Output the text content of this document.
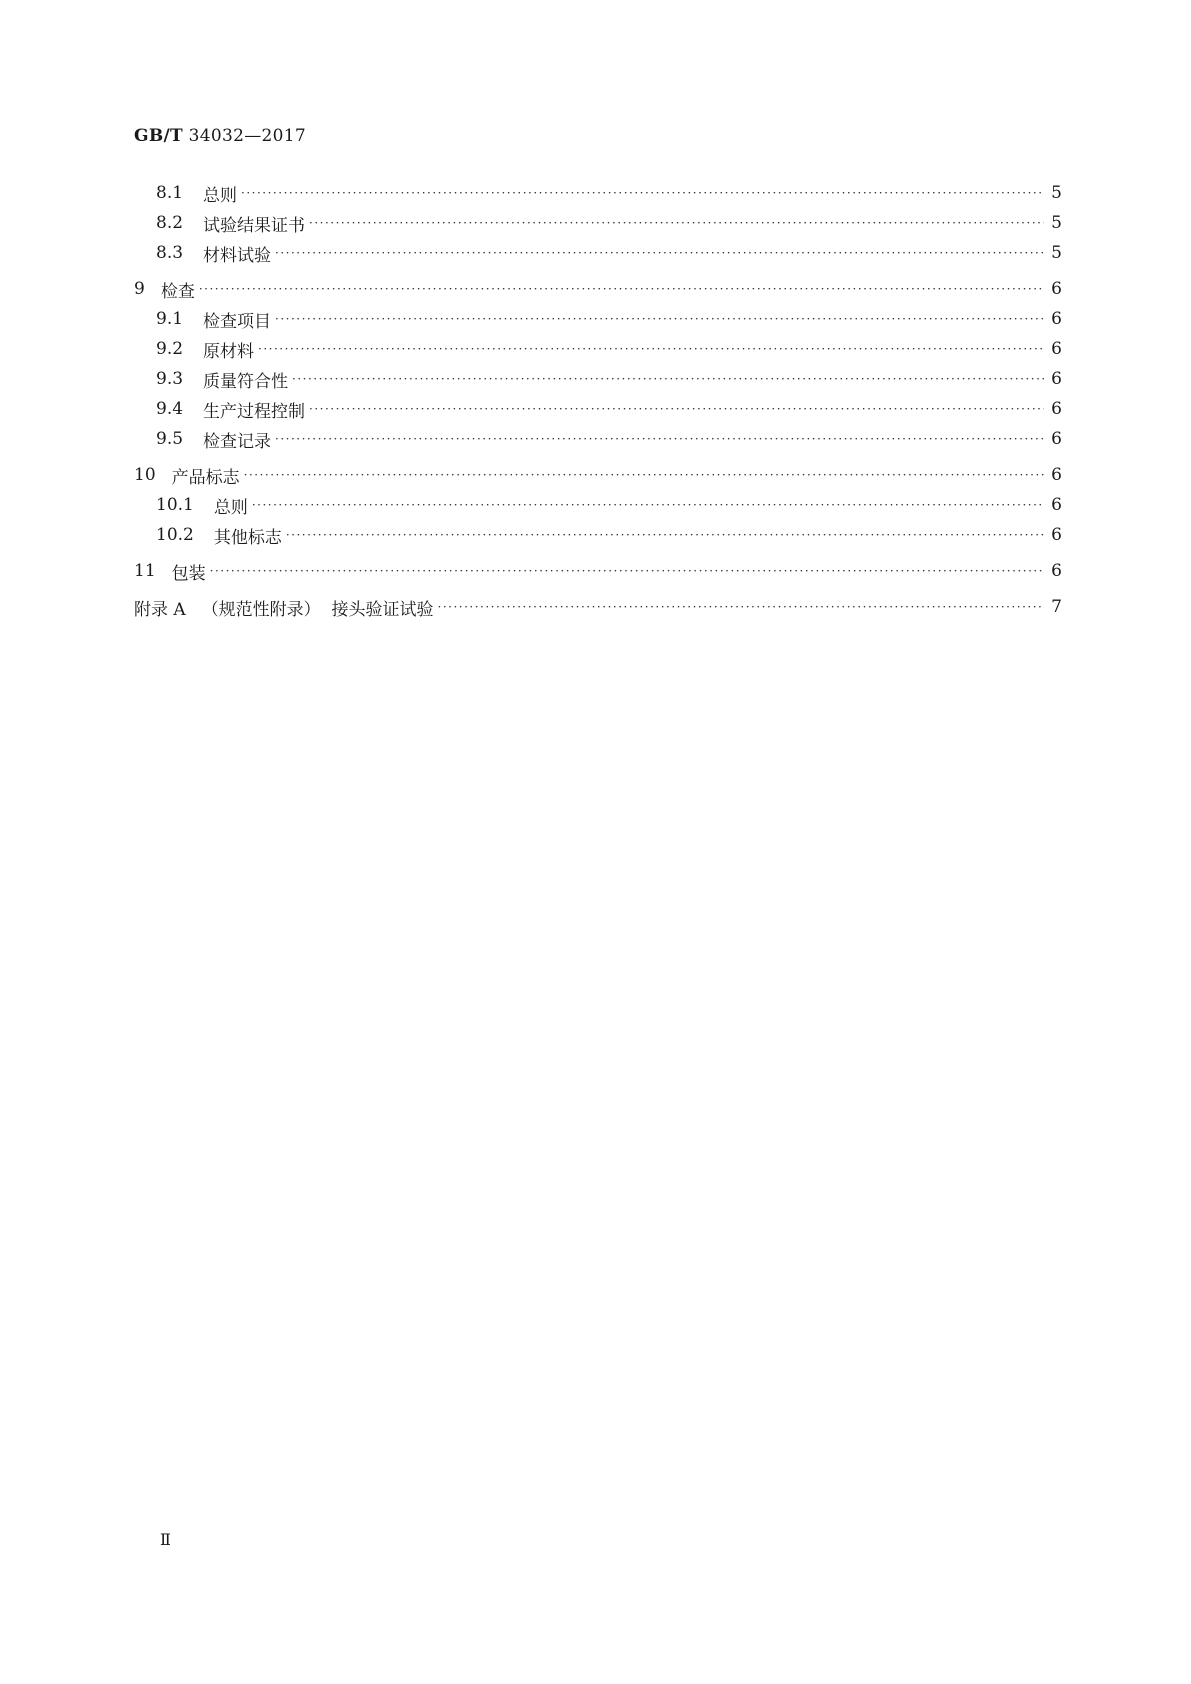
GB/T 34032—2017
8.1 总则 ·····	5
8.2 试验结果证书 ·····	5
8.3 材料试验 ·····	5
9 检查 ·····	6
9.1 检查项目 ·····	6
9.2 原材料 ·····	6
9.3 质量符合性 ·····	6
9.4 生产过程控制 ·····	6
9.5 检查记录 ·····	6
10 产品标志 ·····	6
10.1 总则 ·····	6
10.2 其他标志 ·····	6
11 包装 ·····	6
附录 A （规范性附录）  接头验证试验 ·····	7
Ⅱ
